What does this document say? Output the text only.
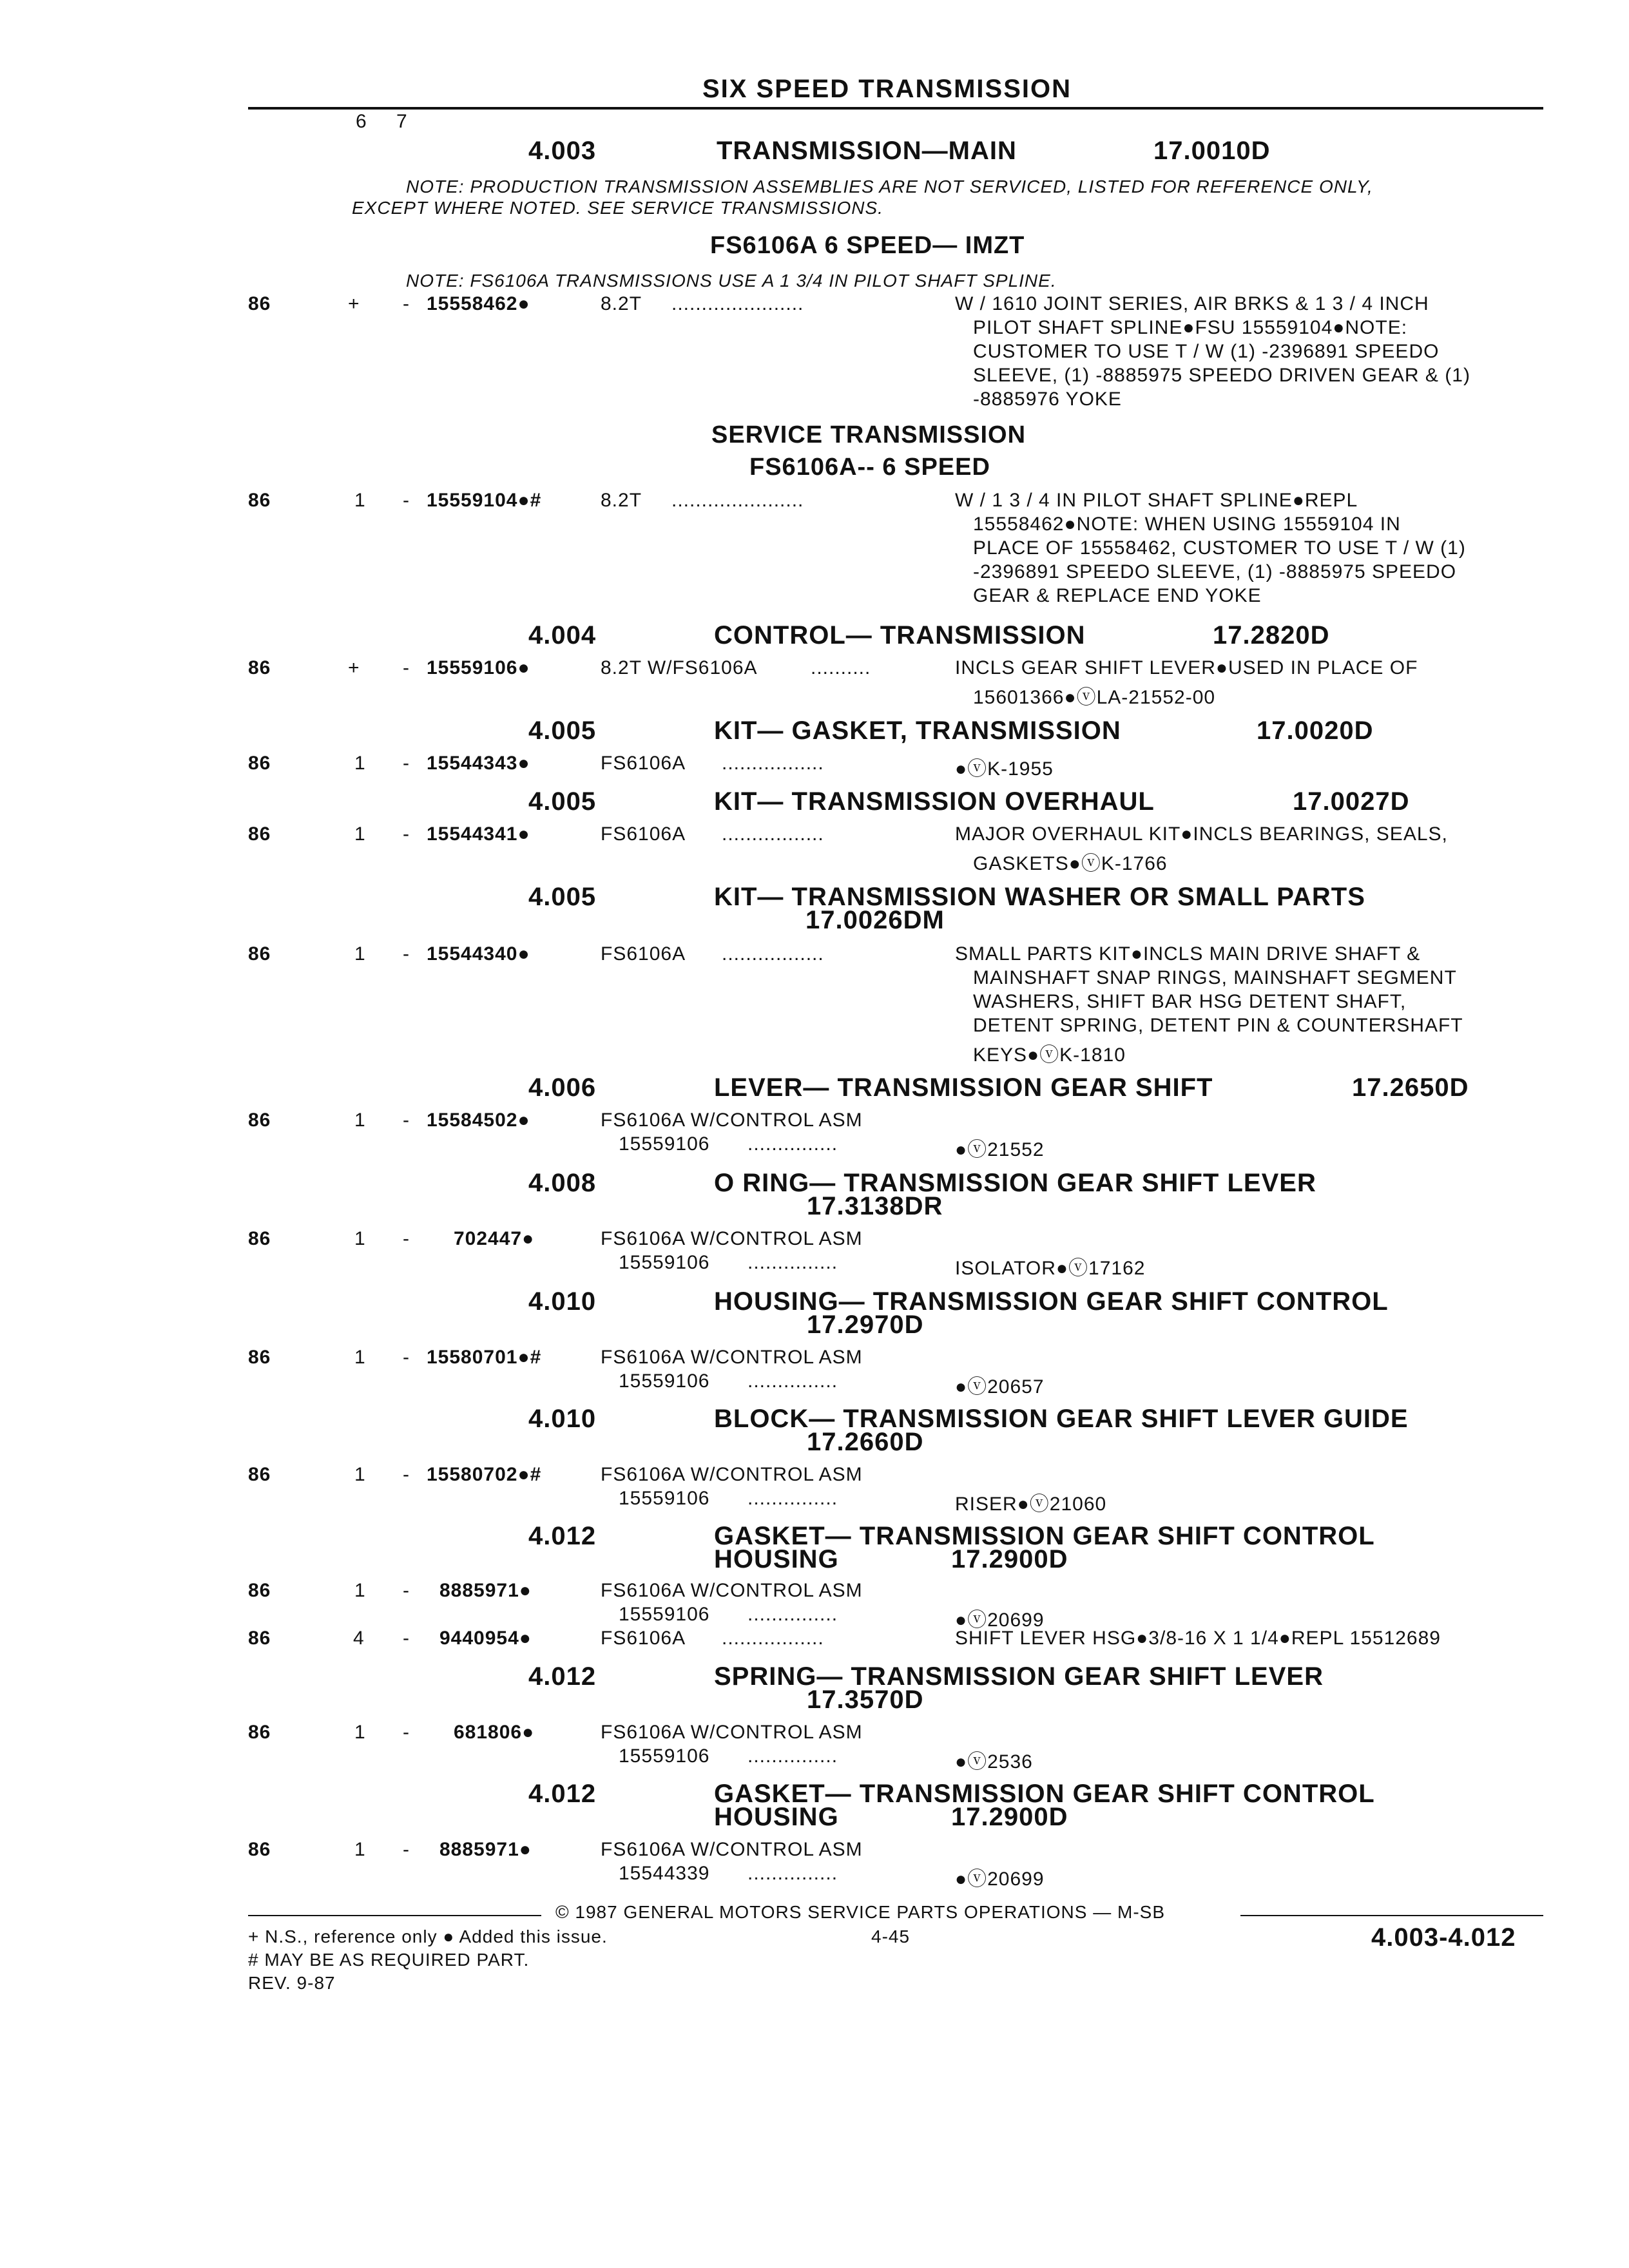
SIX SPEED TRANSMISSION
6 7
4.003	TRANSMISSION—MAIN	17.0010D
NOTE: PRODUCTION TRANSMISSION ASSEMBLIES ARE NOT SERVICED, LISTED FOR REFERENCE ONLY,
EXCEPT WHERE NOTED. SEE SERVICE TRANSMISSIONS.
FS6106A 6 SPEED— IMZT
NOTE: FS6106A TRANSMISSIONS USE A 1 3/4 IN PILOT SHAFT SPLINE.
86	+ - 15558462●	8.2T ......................	W / 1610 JOINT SERIES, AIR BRKS & 1 3 / 4 INCH
PILOT SHAFT SPLINE●FSU 15559104●NOTE:
CUSTOMER TO USE T / W (1) -2396891 SPEEDO
SLEEVE, (1) -8885975 SPEEDO DRIVEN GEAR & (1)
-8885976 YOKE
SERVICE TRANSMISSION
FS6106A-- 6 SPEED
86	1 - 15559104●#	8.2T ......................	W / 1 3 / 4 IN PILOT SHAFT SPLINE●REPL
15558462●NOTE: WHEN USING 15559104 IN
PLACE OF 15558462, CUSTOMER TO USE T / W (1)
-2396891 SPEEDO SLEEVE, (1) -8885975 SPEEDO
GEAR & REPLACE END YOKE
4.004	CONTROL— TRANSMISSION	17.2820D
86	+ - 15559106●	8.2T W/FS6106A	..........	INCLS GEAR SHIFT LEVER●USED IN PLACE OF
15601366●ⓥLA-21552-00
4.005	KIT— GASKET, TRANSMISSION	17.0020D
86	1 - 15544343●	FS6106A .................	●ⓥK-1955
4.005	KIT— TRANSMISSION OVERHAUL	17.0027D
86	1 - 15544341●	FS6106A .................	MAJOR OVERHAUL KIT●INCLS BEARINGS, SEALS,
GASKETS●ⓥK-1766
4.005	KIT— TRANSMISSION WASHER OR SMALL PARTS
17.0026DM
86	1 - 15544340●	FS6106A .................	SMALL PARTS KIT●INCLS MAIN DRIVE SHAFT &
MAINSHAFT SNAP RINGS, MAINSHAFT SEGMENT
WASHERS, SHIFT BAR HSG DETENT SHAFT,
DETENT SPRING, DETENT PIN & COUNTERSHAFT
KEYS●ⓥK-1810
4.006	LEVER— TRANSMISSION GEAR SHIFT	17.2650D
86	1 - 15584502●	FS6106A W/CONTROL ASM
15559106 ...............	●ⓥ21552
4.008	O RING— TRANSMISSION GEAR SHIFT LEVER
17.3138DR
86	1 - 702447●	FS6106A W/CONTROL ASM
15559106 ...............	ISOLATOR●ⓥ17162
4.010	HOUSING— TRANSMISSION GEAR SHIFT CONTROL
17.2970D
86	1 - 15580701●#	FS6106A W/CONTROL ASM
15559106 ...............	●ⓥ20657
4.010	BLOCK— TRANSMISSION GEAR SHIFT LEVER GUIDE
17.2660D
86	1 - 15580702●#	FS6106A W/CONTROL ASM
15559106 ...............	RISER●ⓥ21060
4.012	GASKET— TRANSMISSION GEAR SHIFT CONTROL
HOUSING	17.2900D
86	1 - 8885971●	FS6106A W/CONTROL ASM
15559106 ...............	●ⓥ20699
86	4 - 9440954●	FS6106A .................	SHIFT LEVER HSG●3/8-16 X 1 1/4●REPL 15512689
4.012	SPRING— TRANSMISSION GEAR SHIFT LEVER
17.3570D
86	1 - 681806●	FS6106A W/CONTROL ASM
15559106 ...............	●ⓥ2536
4.012	GASKET— TRANSMISSION GEAR SHIFT CONTROL
HOUSING	17.2900D
86	1 - 8885971●	FS6106A W/CONTROL ASM
15544339 ...............	●ⓥ20699
© 1987 GENERAL MOTORS SERVICE PARTS OPERATIONS — M-SB
+ N.S., reference only ● Added this issue.	4-45	4.003-4.012
# MAY BE AS REQUIRED PART.
REV. 9-87
